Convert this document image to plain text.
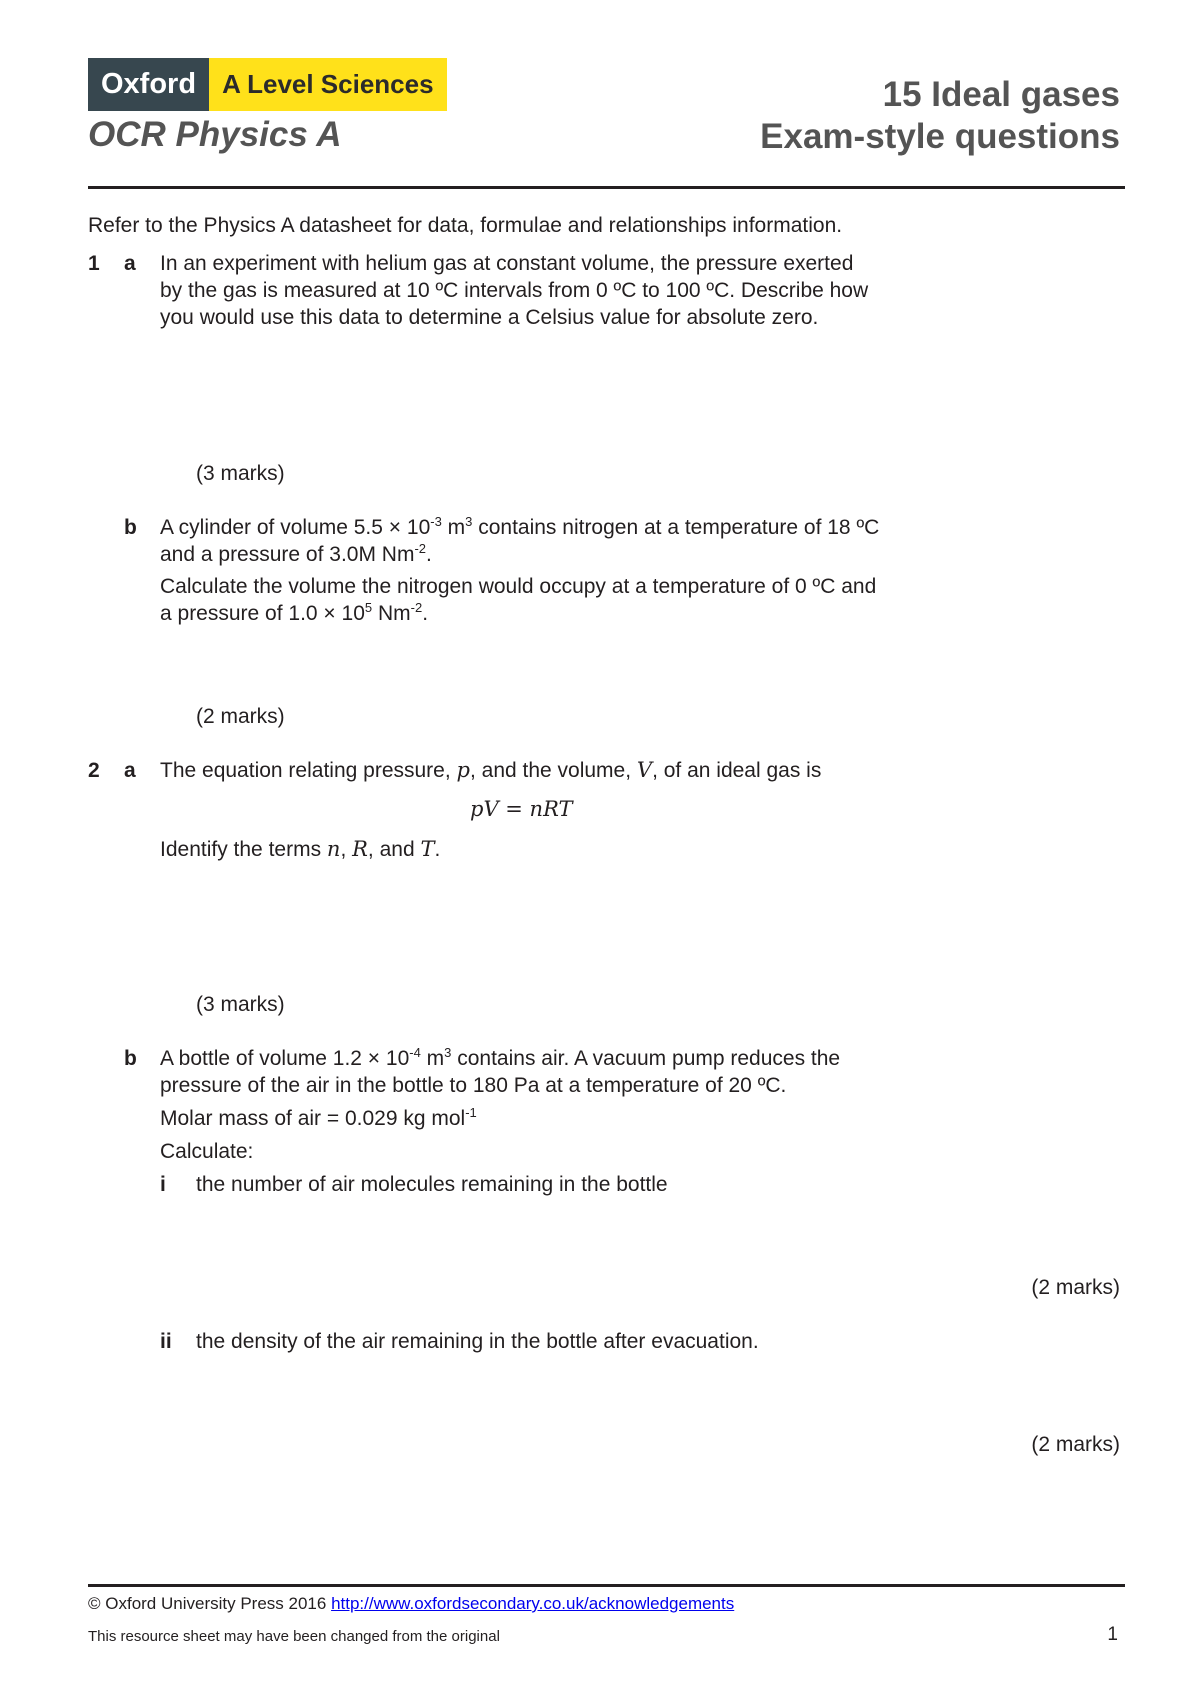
Oxford	A Level Sciences
OCR Physics A
15 Ideal gases
Exam-style questions
Refer to the Physics A datasheet for data, formulae and relationships information.
1 a In an experiment with helium gas at constant volume, the pressure exerted
by the gas is measured at 10 ºC intervals from 0 ºC to 100 ºC. Describe how
you would use this data to determine a Celsius value for absolute zero.
(3 marks)
b A cylinder of volume $5.5 \times 10^{-3}$ $m^3$ contains nitrogen at a temperature of 18 ºC
and a pressure of 3.0M $Nm^{-2}$.
Calculate the volume the nitrogen would occupy at a temperature of 0 ºC and
a pressure of $1.0 \times 10^5$ $Nm^{-2}$.
(2 marks)
2 a The equation relating pressure, p, and the volume, V, of an ideal gas is
pV = nRT
Identify the terms n, R, and T.
(3 marks)
b A bottle of volume $1.2 \times 10^{-4}$ $m^3$ contains air. A vacuum pump reduces the
pressure of the air in the bottle to 180 Pa at a temperature of 20 ºC.
Molar mass of air = 0.029 kg mol$^{-1}$
Calculate:
i the number of air molecules remaining in the bottle
(2 marks)
ii the density of the air remaining in the bottle after evacuation.
(2 marks)
© Oxford University Press 2016 http://www.oxfordsecondary.co.uk/acknowledgements
This resource sheet may have been changed from the original	1
